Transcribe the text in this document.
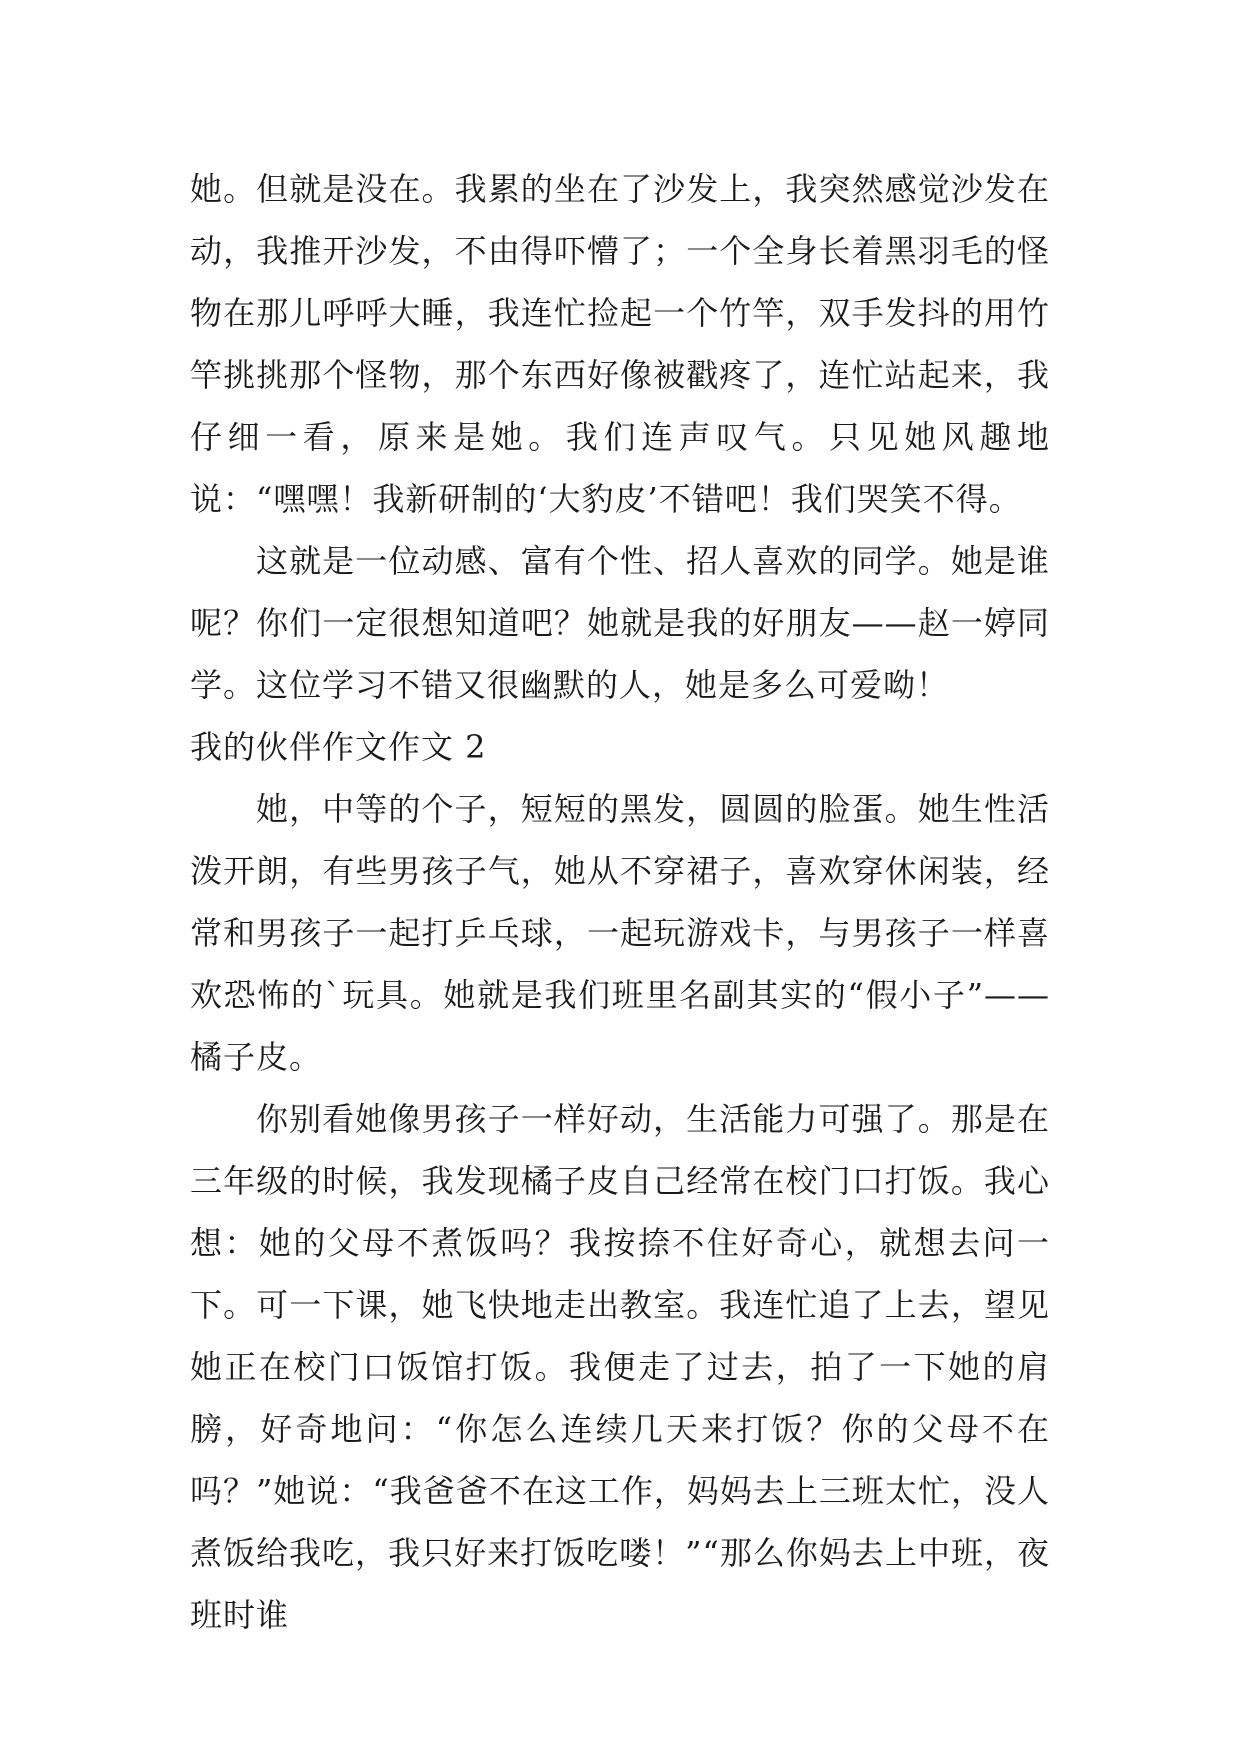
她。但就是没在。我累的坐在了沙发上，我突然感觉沙发在动，我推开沙发，不由得吓懵了；一个全身长着黑羽毛的怪物在那儿呼呼大睡，我连忙捡起一个竹竿，双手发抖的用竹竿挑挑那个怪物，那个东西好像被戳疼了，连忙站起来，我仔细一看，原来是她。我们连声叹气。只见她风趣地说：“嘿嘿！我新研制的‘大豹皮’不错吧！我们哭笑不得。

这就是一位动感、富有个性、招人喜欢的同学。她是谁呢？你们一定很想知道吧？她就是我的好朋友——赵一婷同学。这位学习不错又很幽默的人，她是多么可爱呦！

我的伙伴作文作文 2

她，中等的个子，短短的黑发，圆圆的脸蛋。她生性活泼开朗，有些男孩子气，她从不穿裙子，喜欢穿休闲装，经常和男孩子一起打乒乓球，一起玩游戏卡，与男孩子一样喜欢恐怖的`玩具。她就是我们班里名副其实的“假小子”——橘子皮。

你别看她像男孩子一样好动，生活能力可强了。那是在三年级的时候，我发现橘子皮自己经常在校门口打饭。我心想：她的父母不煮饭吗？我按捺不住好奇心，就想去问一下。可一下课，她飞快地走出教室。我连忙追了上去，望见她正在校门口饭馆打饭。我便走了过去，拍了一下她的肩膀，好奇地问：“你怎么连续几天来打饭？你的父母不在吗？”她说：“我爸爸不在这工作，妈妈去上三班太忙，没人煮饭给我吃，我只好来打饭吃喽！”“那么你妈去上中班，夜班时谁
